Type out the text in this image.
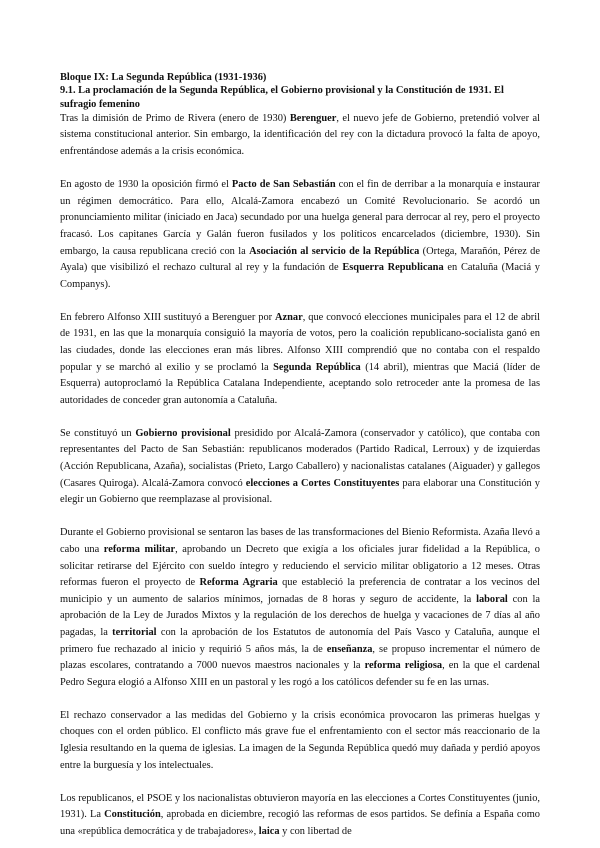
Bloque IX: La Segunda República (1931-1936)
9.1. La proclamación de la Segunda República, el Gobierno provisional y la Constitución de 1931. El sufragio femenino

Tras la dimisión de Primo de Rivera (enero de 1930) Berenguer, el nuevo jefe de Gobierno, pretendió volver al sistema constitucional anterior. Sin embargo, la identificación del rey con la dictadura provocó la falta de apoyo, enfrentándose además a la crisis económica.

En agosto de 1930 la oposición firmó el Pacto de San Sebastián con el fin de derribar a la monarquía e instaurar un régimen democrático. Para ello, Alcalá-Zamora encabezó un Comité Revolucionario. Se acordó un pronunciamiento militar (iniciado en Jaca) secundado por una huelga general para derrocar al rey, pero el proyecto fracasó. Los capitanes García y Galán fueron fusilados y los políticos encarcelados (diciembre, 1930). Sin embargo, la causa republicana creció con la Asociación al servicio de la República (Ortega, Marañón, Pérez de Ayala) que visibilizó el rechazo cultural al rey y la fundación de Esquerra Republicana en Cataluña (Maciá y Companys).

En febrero Alfonso XIII sustituyó a Berenguer por Aznar, que convocó elecciones municipales para el 12 de abril de 1931, en las que la monarquía consiguió la mayoría de votos, pero la coalición republicano-socialista ganó en las ciudades, donde las elecciones eran más libres. Alfonso XIII comprendió que no contaba con el respaldo popular y se marchó al exilio y se proclamó la Segunda República (14 abril), mientras que Maciá (líder de Esquerra) autoproclamó la República Catalana Independiente, aceptando solo retroceder ante la promesa de las autoridades de conceder gran autonomía a Cataluña.

Se constituyó un Gobierno provisional presidido por Alcalá-Zamora (conservador y católico), que contaba con representantes del Pacto de San Sebastián: republicanos moderados (Partido Radical, Lerroux) y de izquierdas (Acción Republicana, Azaña), socialistas (Prieto, Largo Caballero) y nacionalistas catalanes (Aiguader) y gallegos (Casares Quiroga). Alcalá-Zamora convocó elecciones a Cortes Constituyentes para elaborar una Constitución y elegir un Gobierno que reemplazase al provisional.

Durante el Gobierno provisional se sentaron las bases de las transformaciones del Bienio Reformista. Azaña llevó a cabo una reforma militar, aprobando un Decreto que exigía a los oficiales jurar fidelidad a la República, o solicitar retirarse del Ejército con sueldo íntegro y reduciendo el servicio militar obligatorio a 12 meses. Otras reformas fueron el proyecto de Reforma Agraria que estableció la preferencia de contratar a los vecinos del municipio y un aumento de salarios mínimos, jornadas de 8 horas y seguro de accidente, la laboral con la aprobación de la Ley de Jurados Mixtos y la regulación de los derechos de huelga y vacaciones de 7 días al año pagadas, la territorial con la aprobación de los Estatutos de autonomía del País Vasco y Cataluña, aunque el primero fue rechazado al inicio y requirió 5 años más, la de enseñanza, se propuso incrementar el número de plazas escolares, contratando a 7000 nuevos maestros nacionales y la reforma religiosa, en la que el cardenal Pedro Segura elogió a Alfonso XIII en un pastoral y les rogó a los católicos defender su fe en las urnas.

El rechazo conservador a las medidas del Gobierno y la crisis económica provocaron las primeras huelgas y choques con el orden público. El conflicto más grave fue el enfrentamiento con el sector más reaccionario de la Iglesia resultando en la quema de iglesias. La imagen de la Segunda República quedó muy dañada y perdió apoyos entre la burguesía y los intelectuales.

Los republicanos, el PSOE y los nacionalistas obtuvieron mayoría en las elecciones a Cortes Constituyentes (junio, 1931). La Constitución, aprobada en diciembre, recogió las reformas de esos partidos. Se definía a España como una «república democrática y de trabajadores», laica y con libertad de
